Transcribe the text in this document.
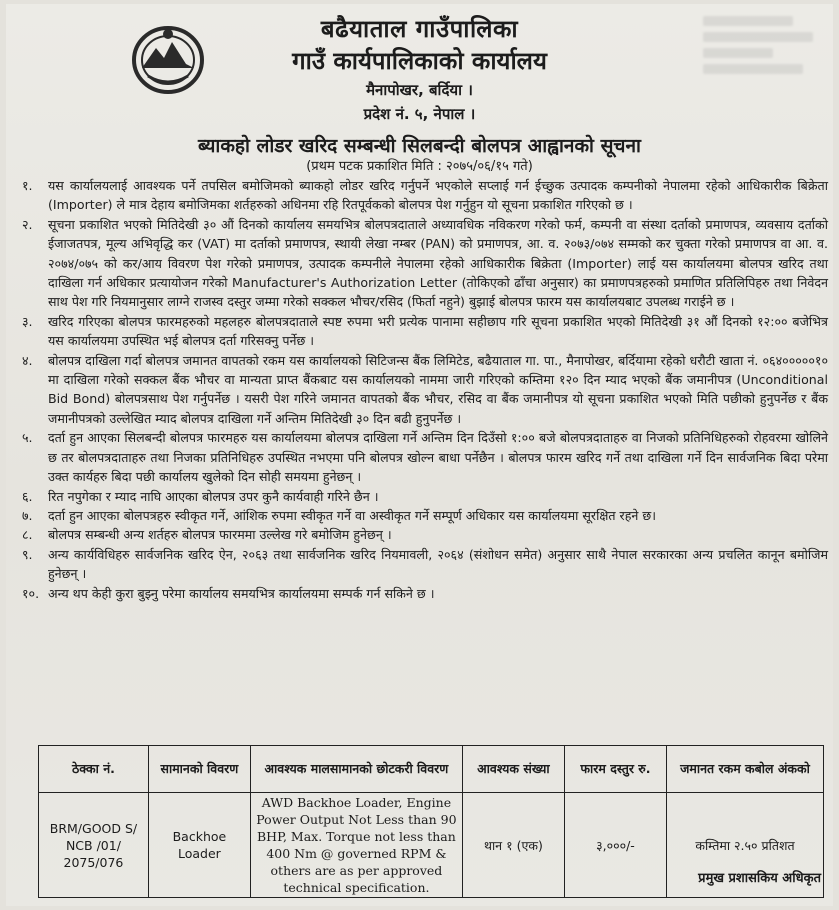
बढैयाताल गाउँपालिका
गाउँ कार्यपालिकाको कार्यालय
मैनापोखर, बर्दिया ।
प्रदेश नं. ५, नेपाल ।
ब्याकहो लोडर खरिद सम्बन्धी सिलबन्दी बोलपत्र आह्वानको सूचना
(प्रथम पटक प्रकाशित मिति : २०७५/०६/१५ गते)

१. यस कार्यालयलाई आवश्यक पर्ने तपसिल बमोजिमको ब्याकहो लोडर खरिद गर्नुपर्ने भएकोले सप्लाई गर्न ईच्छुक उत्पादक कम्पनीको नेपालमा रहेको आधिकारीक बिक्रेता (Importer) ले मात्र देहाय बमोजिमका शर्तहरुको अधिनमा रहि रितपूर्वकको बोलपत्र पेश गर्नुहुन यो सूचना प्रकाशित गरिएको छ ।

२. सूचना प्रकाशित भएको मितिदेखी ३० औं दिनको कार्यालय समयभित्र बोलपत्रदाताले अध्यावधिक नविकरण गरेको फर्म, कम्पनी वा संस्था दर्ताको प्रमाणपत्र, व्यवसाय दर्ताको ईजाजतपत्र, मूल्य अभिवृद्धि कर (VAT) मा दर्ताको प्रमाणपत्र, स्थायी लेखा नम्बर (PAN) को प्रमाणपत्र, आ. व. २०७३/०७४ सम्मको कर चुक्ता गरेको प्रमाणपत्र वा आ. व. २०७४/०७५ को कर/आय विवरण पेश गरेको प्रमाणपत्र, उत्पादक कम्पनीले नेपालमा रहेको आधिकारीक बिक्रेता (Importer) लाई यस कार्यालयमा बोलपत्र खरिद तथा दाखिला गर्न अधिकार प्रत्यायोजन गरेको Manufacturer's Authorization Letter (तोकिएको ढाँचा अनुसार) का प्रमाणपत्रहरुको प्रमाणित प्रतिलिपिहरु तथा निवेदन साथ पेश गरि नियमानुसार लाग्ने राजस्व दस्तुर जम्मा गरेको सक्कल भौचर/रसिद (फिर्ता नहुने) बुझाई बोलपत्र फारम यस कार्यालयबाट उपलब्ध गराईने छ ।

३. खरिद गरिएका बोलपत्र फारमहरुको महलहरु बोलपत्रदाताले स्पष्ट रुपमा भरी प्रत्येक पानामा सहीछाप गरि सूचना प्रकाशित भएको मितिदेखी ३१ औं दिनको १२:०० बजेभित्र यस कार्यालयमा उपस्थित भई बोलपत्र दर्ता गरिसक्नु पर्नेछ ।

४. बोलपत्र दाखिला गर्दा बोलपत्र जमानत वापतको रकम यस कार्यालयको सिटिजन्स बैंक लिमिटेड, बढैयाताल गा. पा., मैनापोखर, बर्दियामा रहेको धरौटी खाता नं. ०६४०००००१० मा दाखिला गरेको सक्कल बैंक भौचर वा मान्यता प्राप्त बैंकबाट यस कार्यालयको नाममा जारी गरिएको कम्तिमा १२० दिन म्याद भएको बैंक जमानीपत्र (Unconditional Bid Bond) बोलपत्रसाथ पेश गर्नुपर्नेछ । यसरी पेश गरिने जमानत वापतको बैंक भौचर, रसिद वा बैंक जमानीपत्र यो सूचना प्रकाशित भएको मिति पछीको हुनुपर्नेछ र बैंक जमानीपत्रको उल्लेखित म्याद बोलपत्र दाखिला गर्ने अन्तिम मितिदेखी ३० दिन बढी हुनुपर्नेछ ।

५. दर्ता हुन आएका सिलबन्दी बोलपत्र फारमहरु यस कार्यालयमा बोलपत्र दाखिला गर्ने अन्तिम दिन दिउँसो १:०० बजे बोलपत्रदाताहरु वा निजको प्रतिनिधिहरुको रोहवरमा खोलिने छ तर बोलपत्रदाताहरु तथा निजका प्रतिनिधिहरु उपस्थित नभएमा पनि बोलपत्र खोल्न बाधा पर्नेछैन । बोलपत्र फारम खरिद गर्ने तथा दाखिला गर्ने दिन सार्वजनिक बिदा परेमा उक्त कार्यहरु बिदा पछी कार्यालय खुलेको दिन सोही समयमा हुनेछन् ।

६. रित नपुगेका र म्याद नाघि आएका बोलपत्र उपर कुनै कार्यवाही गरिने छैन ।

७. दर्ता हुन आएका बोलपत्रहरु स्वीकृत गर्ने, आंशिक रुपमा स्वीकृत गर्ने वा अस्वीकृत गर्ने सम्पूर्ण अधिकार यस कार्यालयमा सूरक्षित रहने छ।

८. बोलपत्र सम्बन्धी अन्य शर्तहरु बोलपत्र फारममा उल्लेख गरे बमोजिम हुनेछन् ।

९. अन्य कार्यविधिहरु सार्वजनिक खरिद ऐन, २०६३ तथा सार्वजनिक खरिद नियमावली, २०६४ (संशोधन समेत) अनुसार साथै नेपाल सरकारका अन्य प्रचलित कानून बमोजिम हुनेछन् ।

१०. अन्य थप केही कुरा बुझ्नु परेमा कार्यालय समयभित्र कार्यालयमा सम्पर्क गर्न सकिने छ ।

ठेक्का नं.	सामानको विवरण	आवश्यक मालसामानको छोटकरी विवरण	आवश्यक संख्या	फारम दस्तुर रु.	जमानत रकम कबोल अंकको
BRM/GOOD S/ NCB /01/ 2075/076	Backhoe Loader	AWD Backhoe Loader, Engine Power Output Not Less than 90 BHP, Max. Torque not less than 400 Nm @ governed RPM & others are as per approved technical specification.	थान १ (एक)	३,०००/-	कम्तिमा २.५० प्रतिशत
प्रमुख प्रशासकिय अधिकृत
